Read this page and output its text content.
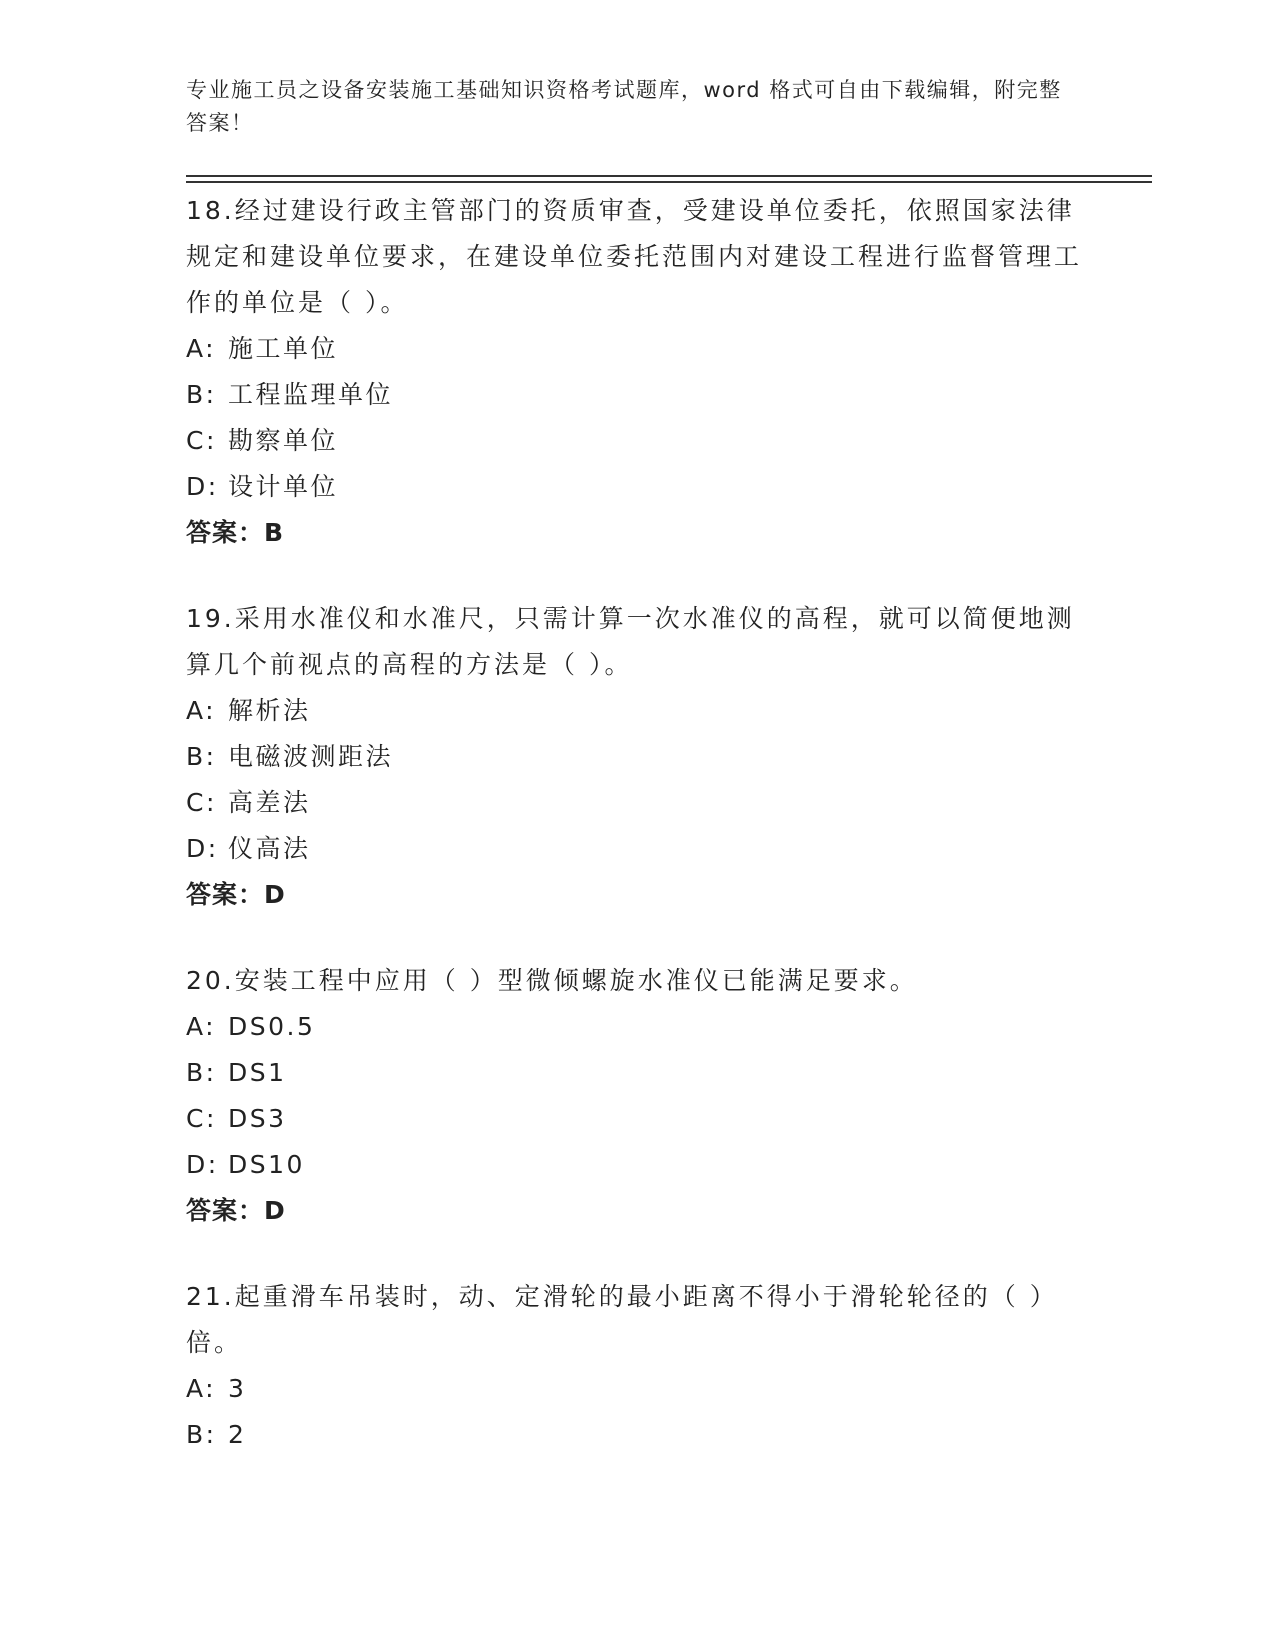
专业施工员之设备安装施工基础知识资格考试题库，word 格式可自由下载编辑，附完整答案！

18.经过建设行政主管部门的资质审查，受建设单位委托，依照国家法律规定和建设单位要求，在建设单位委托范围内对建设工程进行监督管理工作的单位是（ ）。

A: 施工单位

B: 工程监理单位

C: 勘察单位

D: 设计单位

答案：B

19.采用水准仪和水准尺，只需计算一次水准仪的高程，就可以简便地测算几个前视点的高程的方法是（ ）。

A: 解析法

B: 电磁波测距法

C: 高差法

D: 仪高法

答案：D

20.安装工程中应用（ ）型微倾螺旋水准仪已能满足要求。

A: DS0.5

B: DS1

C: DS3

D: DS10

答案：D

21.起重滑车吊装时，动、定滑轮的最小距离不得小于滑轮轮径的（ ）倍。

A: 3

B: 2
